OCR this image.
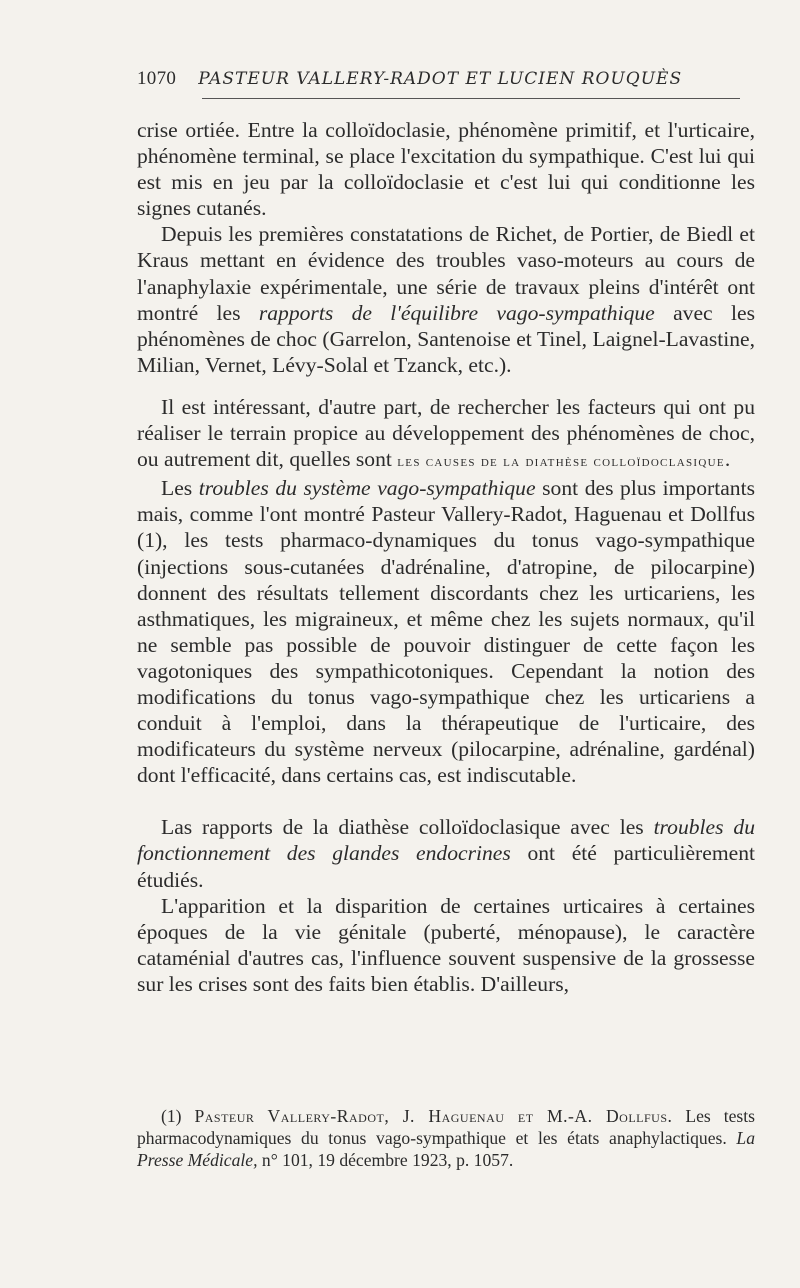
1070 PASTEUR VALLERY-RADOT ET LUCIEN ROUQUÈS

crise ortiée. Entre la colloïdoclasie, phénomène primitif, et l'urticaire, phénomène terminal, se place l'excitation du sympathique. C'est lui qui est mis en jeu par la colloïdoclasie et c'est lui qui conditionne les signes cutanés.

Depuis les premières constatations de Richet, de Portier, de Biedl et Kraus mettant en évidence des troubles vaso-moteurs au cours de l'anaphylaxie expérimentale, une série de travaux pleins d'intérêt ont montré les rapports de l'équilibre vago-sympathique avec les phénomènes de choc (Garrelon, Santenoise et Tinel, Laignel-Lavastine, Milian, Vernet, Lévy-Solal et Tzanck, etc.).

Il est intéressant, d'autre part, de rechercher les facteurs qui ont pu réaliser le terrain propice au développement des phénomènes de choc, ou autrement dit, quelles sont les causes de la diathèse colloïdoclasique.

Les troubles du système vago-sympathique sont des plus importants mais, comme l'ont montré Pasteur Vallery-Radot, Haguenau et Dollfus (1), les tests pharmaco-dynamiques du tonus vago-sympathique (injections sous-cutanées d'adrénaline, d'atropine, de pilocarpine) donnent des résultats tellement discordants chez les urticariens, les asthmatiques, les migraineux, et même chez les sujets normaux, qu'il ne semble pas possible de pouvoir distinguer de cette façon les vagotoniques des sympathicotoniques. Cependant la notion des modifications du tonus vago-sympathique chez les urticariens a conduit à l'emploi, dans la thérapeutique de l'urticaire, des modificateurs du système nerveux (pilocarpine, adrénaline, gardénal) dont l'efficacité, dans certains cas, est indiscutable.

Las rapports de la diathèse colloïdoclasique avec les troubles du fonctionnement des glandes endocrines ont été particulièrement étudiés.

L'apparition et la disparition de certaines urticaires à certaines époques de la vie génitale (puberté, ménopause), le caractère cataménial d'autres cas, l'influence souvent suspensive de la grossesse sur les crises sont des faits bien établis. D'ailleurs,

(1) Pasteur Vallery-Radot, J. Haguenau et M.-A. Dollfus. Les tests pharmacodynamiques du tonus vago-sympathique et les états anaphylactiques. La Presse Médicale, n° 101, 19 décembre 1923, p. 1057.
